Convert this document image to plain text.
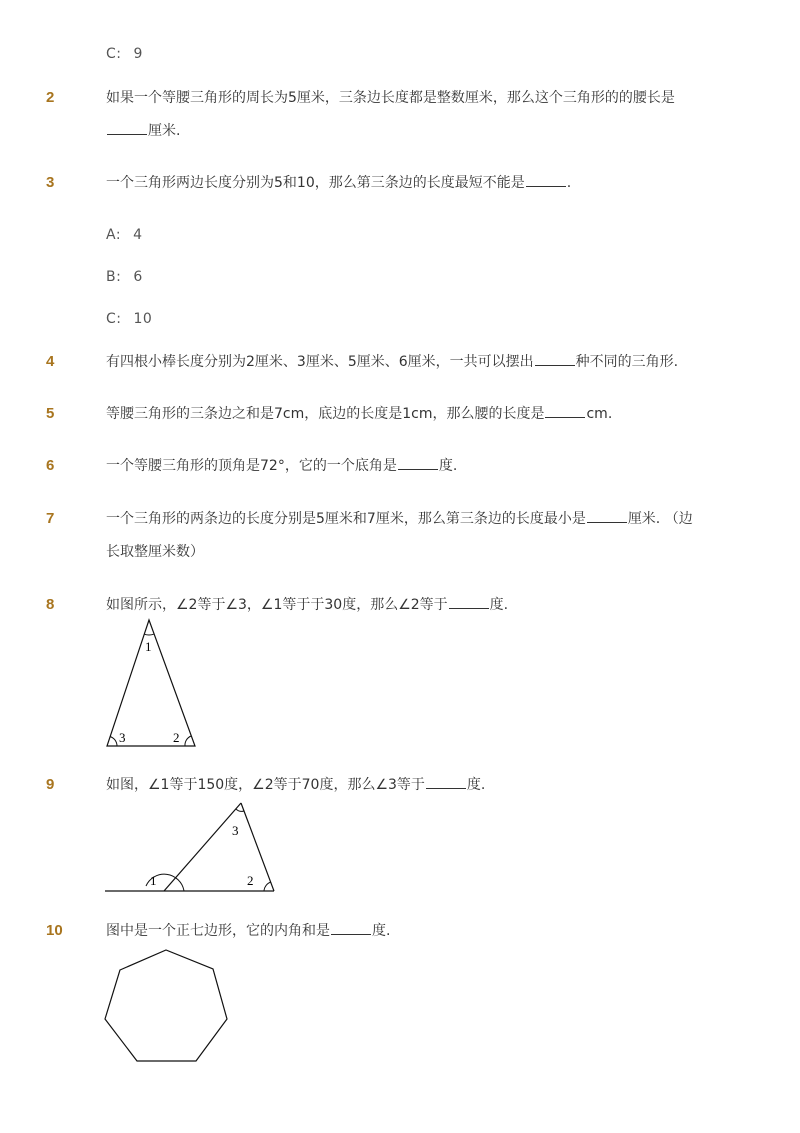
C: 9
2	如果一个等腰三角形的周长为5厘米，三条边长度都是整数厘米，那么这个三角形的的腰长是
厘米.
3	一个三角形两边长度分别为5和10，那么第三条边的长度最短不能是	.
A: 4
B: 6
C: 10
4	有四根小棒长度分别为2厘米、3厘米、5厘米、6厘米，一共可以摆出	种不同的三角形.
5	等腰三角形的三条边之和是7cm，底边的长度是1cm，那么腰的长度是	cm.
6	一个等腰三角形的顶角是72°，它的一个底角是	度.
7	一个三角形的两条边的长度分别是5厘米和7厘米，那么第三条边的长度最小是	厘米. （边
长取整厘米数）
8	如图所示，∠2等于∠3，∠1等于于30度，那么∠2等于	度.
1
3	2
9	如图，∠1等于150度，∠2等于70度，那么∠3等于	度.
3
1	2
10	图中是一个正七边形，它的内角和是	度.
